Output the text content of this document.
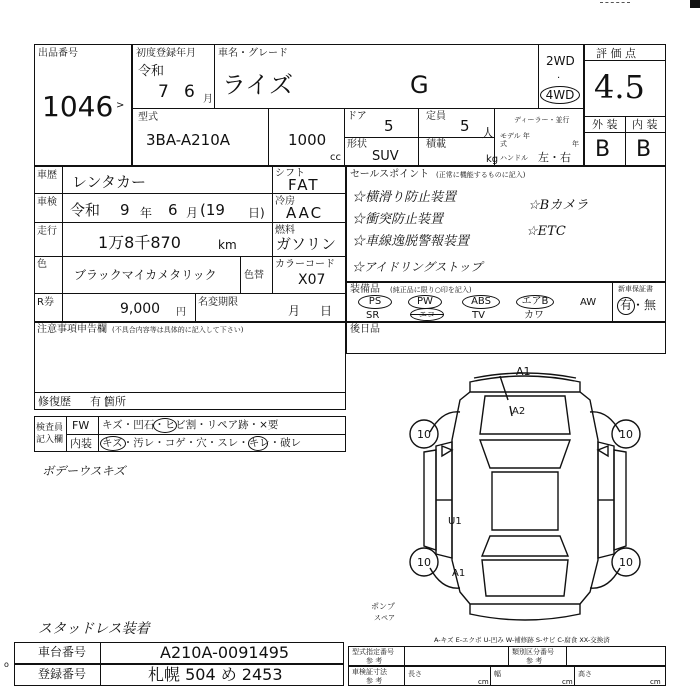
出品番号
1046 >
初度登録年月
令和
7 6 月
車名・グレード
ライズ	G
2WD
·
4WD
型式
3BA-A210A	1000
cc
ドア
5
定員
5 人
形状
SUV
積載
kg
ディーラー・並行
モデル 年式	年
ハンドル 左・右
評 価 点
4.5
外 装 内 装
B B
車歴 レンタカー
車検 令和 9 年 6 月 (19 日)
走行
1万8千870	km
シフト
FAT
冷房
AAC
燃料
ガソリン
色
ブラックマイカメタリック	色替
カラーコード
X07
R券	9,000 円
名変期限
月 日
セールスポイント (正常に機能するものに記入)
☆横滑り防止装置
☆Bカメラ
☆衝突防止装置
☆車線逸脱警報装置
☆ETC
☆アイドリングストップ
装備品 (純正品に限り○印を記入)	新車保証書
有・無
PS	PW	ABS	エアB	AW
SR	エコ	TV	カワ
注意事項申告欄 (不具合内容等は具体的に記入して下さい)	後日品
修復歴 有 [
箇所
検査員
記入欄
FW キズ・凹石・ヒビ割・リペア跡・×要
内装 キズ・汚レ・コゲ・穴・スレ・キレ・破レ
ボデーウスキズ
スタッドレス装着
o
A1
A2
U1
A1
10	10
10	10
ポンプ
スペア
A-キズ E-エクボ U-凹み W-補修跡 S-サビ C-腐食 XX-交換済
車台番号	A210A-0091495
登録番号	札幌 504 め 2453
型式指定番号
参 考
類別区分番号
参 考
車検証寸法
参 考
長さ
cm
幅
cm
高さ
cm
